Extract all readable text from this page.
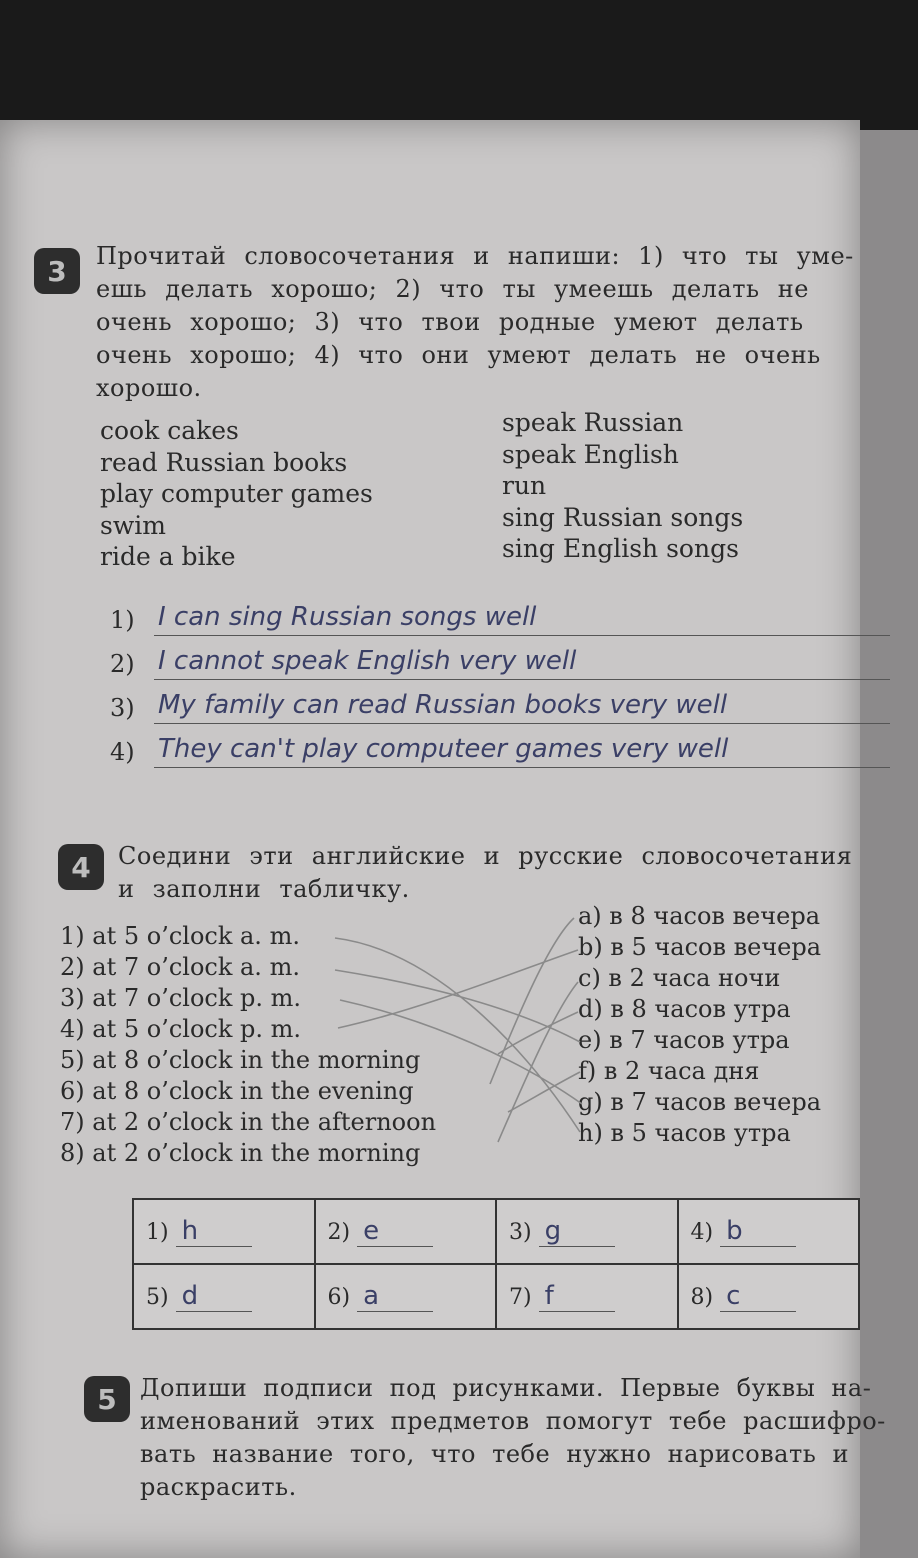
3	Прочитай словосочетания и напиши: 1) что ты уме-
ешь делать хорошо; 2) что ты умеешь делать не
очень хорошо; 3) что твои родные умеют делать
очень хорошо; 4) что они умеют делать не очень
хорошо.
cook cakes
read Russian books
play computer games
swim
ride a bike
speak Russian
speak English
run
sing Russian songs
sing English songs
1) I can sing Russian songs well
2) I cannot speak English very well
3) My family can read Russian books very well
4) They can't play computeer games very well
4	Соедини эти английские и русские словосочетания
и заполни табличку.
1) at 5 o’clock a. m.
2) at 7 o’clock a. m.
3) at 7 o’clock p. m.
4) at 5 o’clock p. m.
5) at 8 o’clock in the morning
6) at 8 o’clock in the evening
7) at 2 o’clock in the afternoon
8) at 2 o’clock in the morning
a) в 8 часов вечера
b) в 5 часов вечера
c) в 2 часа ночи
d) в 8 часов утра
e) в 7 часов утра
f) в 2 часа дня
g) в 7 часов вечера
h) в 5 часов утра
1) h	2) e	3) g	4) b
5) d	6) a	7) f	8) c
5 Допиши подписи под рисунками. Первые буквы на-
именований этих предметов помогут тебе расшифро-
вать название того, что тебе нужно нарисовать и
раскрасить.
